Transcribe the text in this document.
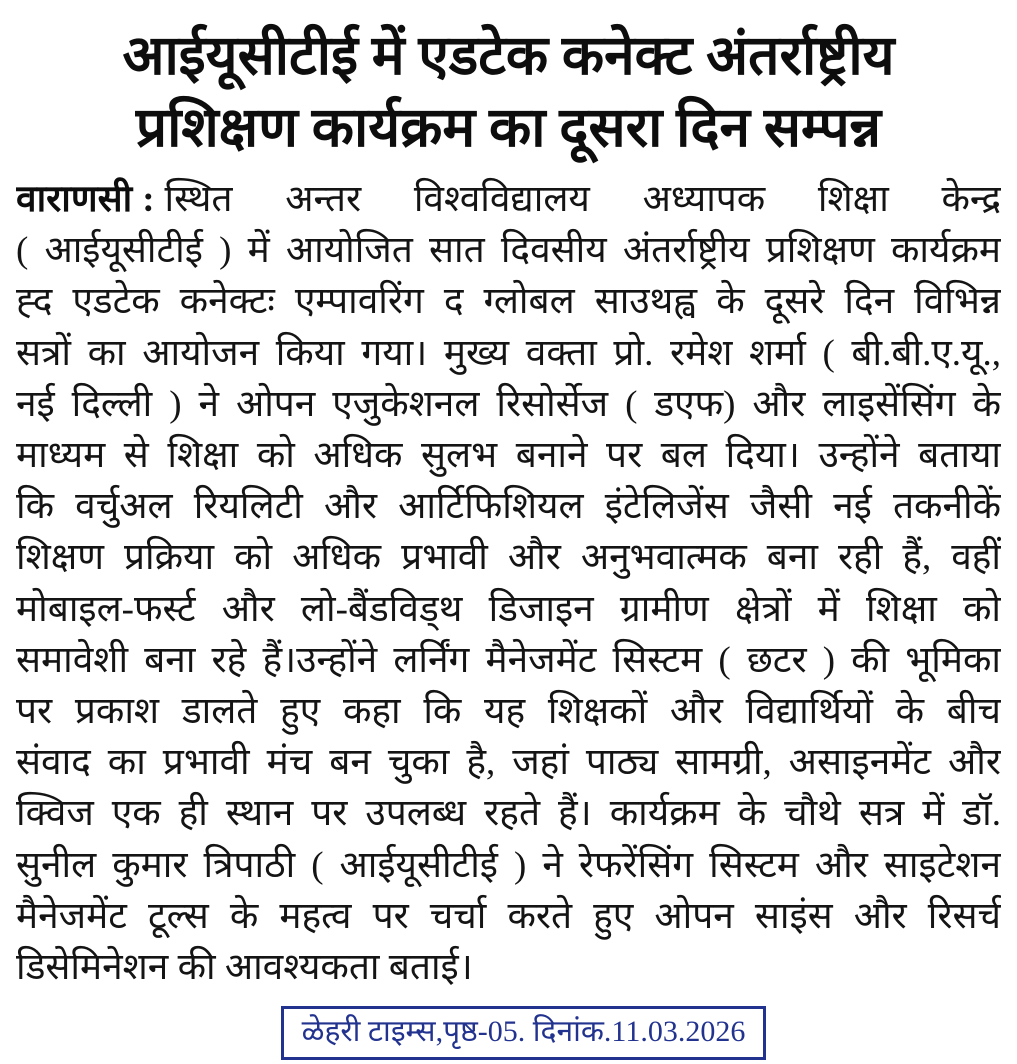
आईयूसीटीई में एडटेक कनेक्ट अंतर्राष्ट्रीय
प्रशिक्षण कार्यक्रम का दूसरा दिन सम्पन्न
वाराणसी : स्थित अन्तर विश्वविद्यालय अध्यापक शिक्षा केन्द्र
( आईयूसीटीई ) में आयोजित सात दिवसीय अंतर्राष्ट्रीय प्रशिक्षण कार्यक्रम
ह्द एडटेक कनेक्टः एम्पावरिंग द ग्लोबल साउथह्व के दूसरे दिन विभिन्न
सत्रों का आयोजन किया गया। मुख्य वक्ता प्रो. रमेश शर्मा ( बी.बी.ए.यू.,
नई दिल्ली ) ने ओपन एजुकेशनल रिसोर्सेज ( डएफ) और लाइसेंसिंग के
माध्यम से शिक्षा को अधिक सुलभ बनाने पर बल दिया। उन्होंने बताया
कि वर्चुअल रियलिटी और आर्टिफिशियल इंटेलिजेंस जैसी नई तकनीकें
शिक्षण प्रक्रिया को अधिक प्रभावी और अनुभवात्मक बना रही हैं, वहीं
मोबाइल-फर्स्ट और लो-बैंडविड्थ डिजाइन ग्रामीण क्षेत्रों में शिक्षा को
समावेशी बना रहे हैं।उन्होंने लर्निंग मैनेजमेंट सिस्टम ( छटर ) की भूमिका
पर प्रकाश डालते हुए कहा कि यह शिक्षकों और विद्यार्थियों के बीच
संवाद का प्रभावी मंच बन चुका है, जहां पाठ्य सामग्री, असाइनमेंट और
क्विज एक ही स्थान पर उपलब्ध रहते हैं। कार्यक्रम के चौथे सत्र में डॉ.
सुनील कुमार त्रिपाठी ( आईयूसीटीई ) ने रेफरेंसिंग सिस्टम और साइटेशन
मैनेजमेंट टूल्स के महत्व पर चर्चा करते हुए ओपन साइंस और रिसर्च
डिसेमिनेशन की आवश्यकता बताई।
ळेहरी टाइम्स,पृष्ठ-05. दिनांक.11.03.2026
